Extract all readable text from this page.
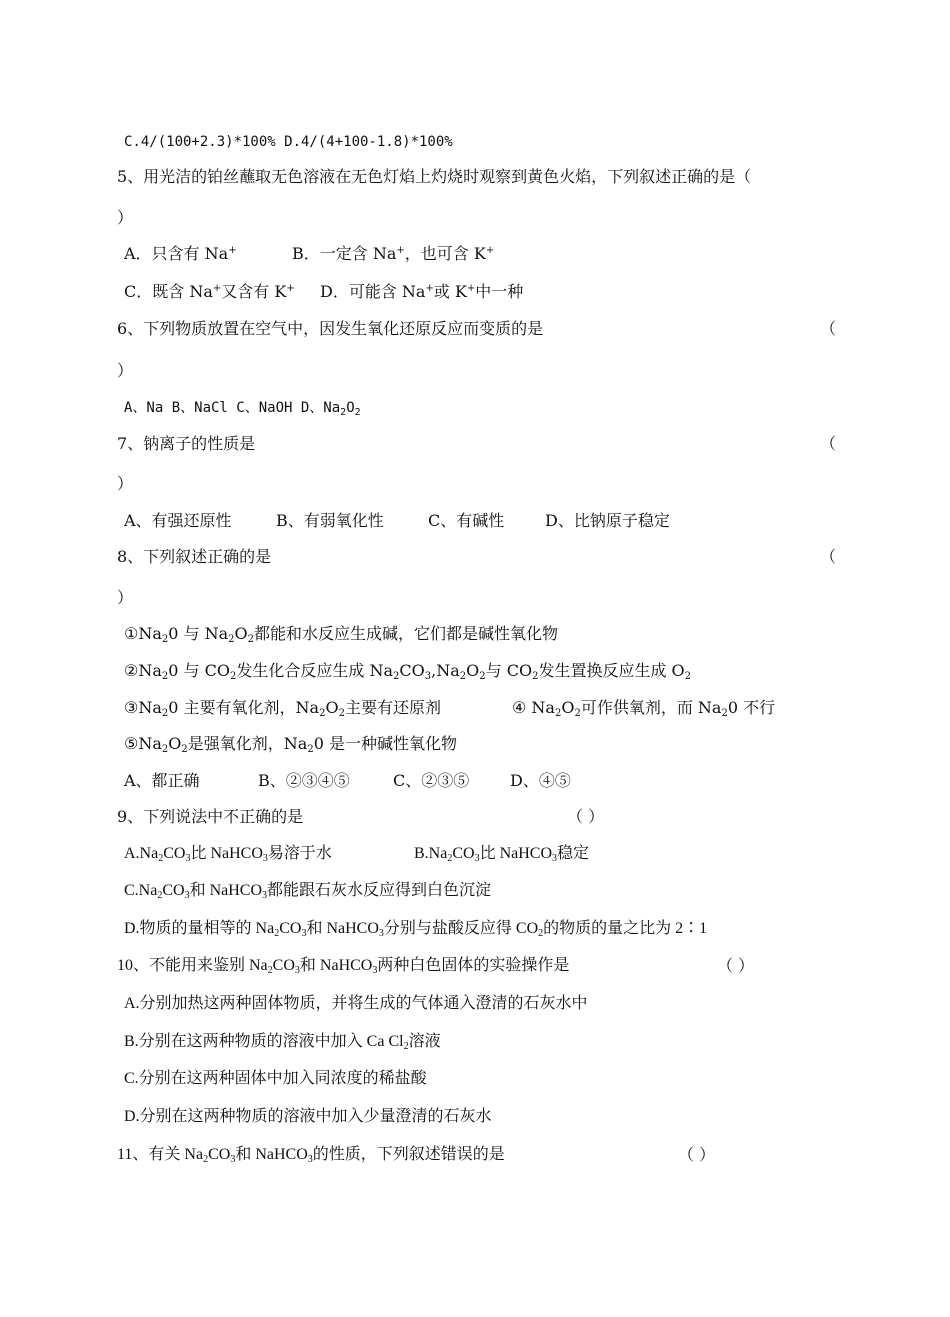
C.4/(100+2.3)*100% D.4/(4+100-1.8)*100%
5、用光洁的铂丝蘸取无色溶液在无色灯焰上灼烧时观察到黄色火焰，下列叙述正确的是（
）
A．只含有 Na+	B．一定含 Na+，也可含 K+
C．既含 Na+又含有 K+ D．可能含 Na+或 K+中一种
6、下列物质放置在空气中，因发生氧化还原反应而变质的是	（
）
A、Na B、NaCl C、NaOH D、$Na_2O_2$
7、钠离子的性质是	（
）
A、有强还原性	B、有弱氧化性	C、有碱性	D、比钠原子稳定
8、下列叙述正确的是	（
）
$①Na_20$ 与 $Na_2O_2$都能和水反应生成碱，它们都是碱性氧化物
$②Na_20$ 与 $CO_2$发生化合反应生成 $Na_2CO_3,Na_2O_2$与 $CO_2$发生置换反应生成 $O_2$
$③Na_20$ 主要有氧化剂，$Na_2O_2$主要有还原剂	④ $Na_2O_2$可作供氧剂，而 $Na_20$ 不行
$⑤Na_2O_2$是强氧化剂，$Na_20$ 是一种碱性氧化物
A、都正确	B、②③④⑤	C、②③⑤	D、④⑤
9、下列说法中不正确的是	（ ）
$A.Na_2CO_3$比 NaHCO$_3$易溶于水	$B.Na_2CO_3$比 NaHCO$_3$稳定
$C.Na_2CO_3$和 NaHCO$_3$都能跟石灰水反应得到白色沉淀
D.物质的量相等的 $Na_2CO_3$和 NaHCO$_3$分别与盐酸反应得 $CO_2$的物质的量之比为 2∶1
10、不能用来鉴别 $Na_2CO_3$和 NaHCO$_3$两种白色固体的实验操作是	（ ）
A.分别加热这两种固体物质，并将生成的气体通入澄清的石灰水中
B.分别在这两种物质的溶液中加入 Ca $Cl_2$溶液
C.分别在这两种固体中加入同浓度的稀盐酸
D.分别在这两种物质的溶液中加入少量澄清的石灰水
11、有关 $Na_2CO_3$和 NaHCO$_3$的性质，下列叙述错误的是	（ ）
